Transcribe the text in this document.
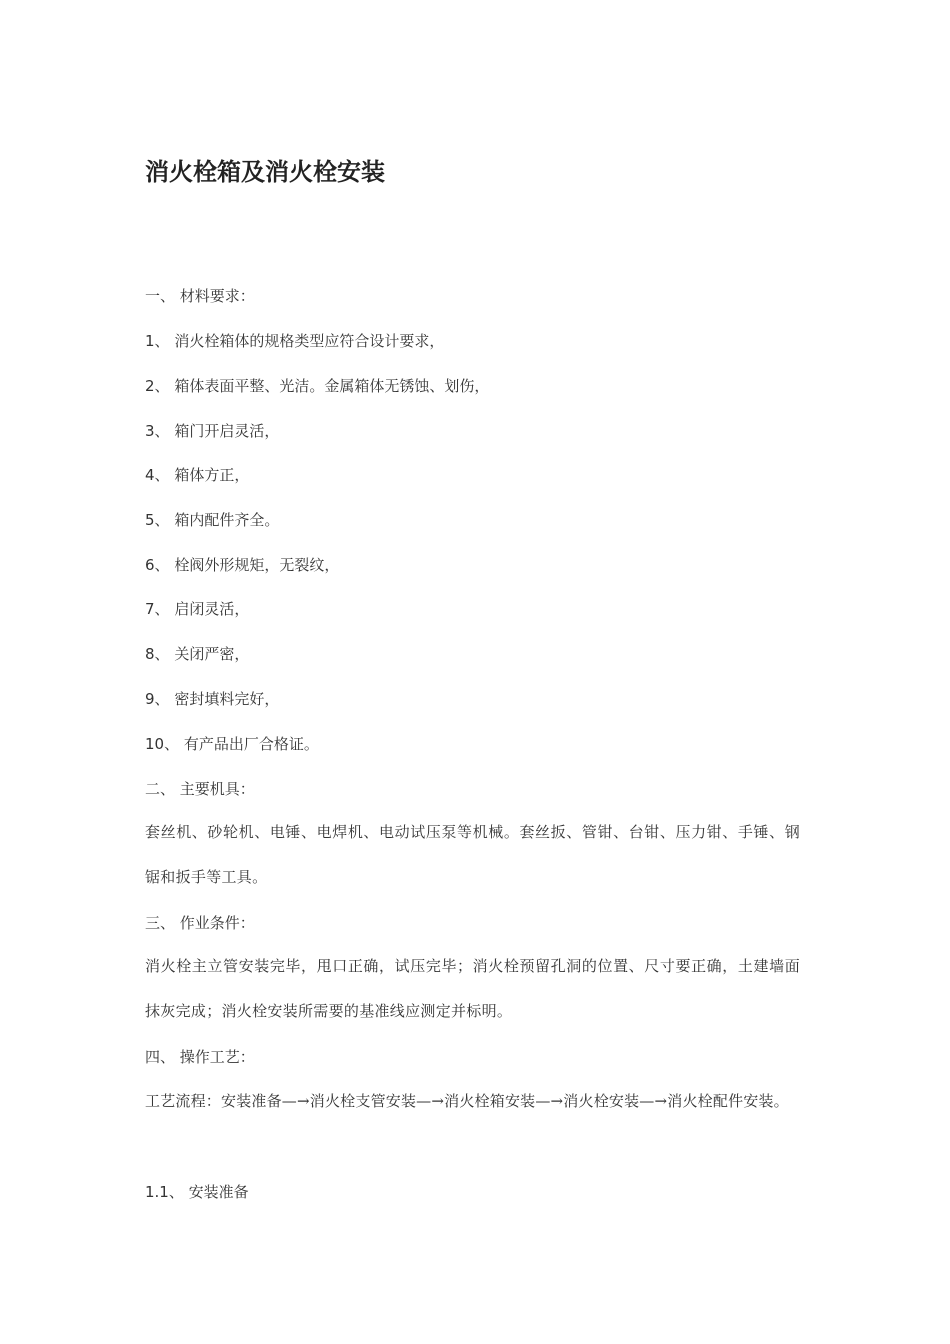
消火栓箱及消火栓安装
一、 材料要求：
1、 消火栓箱体的规格类型应符合设计要求，
2、 箱体表面平整、光洁。金属箱体无锈蚀、划伤，
3、 箱门开启灵活，
4、 箱体方正，
5、 箱内配件齐全。
6、 栓阀外形规矩，无裂纹，
7、 启闭灵活，
8、 关闭严密，
9、 密封填料完好，
10、 有产品出厂合格证。
二、 主要机具：
套丝机、砂轮机、电锤、电焊机、电动试压泵等机械。套丝扳、管钳、台钳、压力钳、手锤、钢锯和扳手等工具。
三、 作业条件：
消火栓主立管安装完毕，甩口正确，试压完毕；消火栓预留孔洞的位置、尺寸要正确，土建墙面抹灰完成；消火栓安装所需要的基准线应测定并标明。
四、 操作工艺：
工艺流程：安装准备—→消火栓支管安装—→消火栓箱安装—→消火栓安装—→消火栓配件安装。
1.1、 安装准备
